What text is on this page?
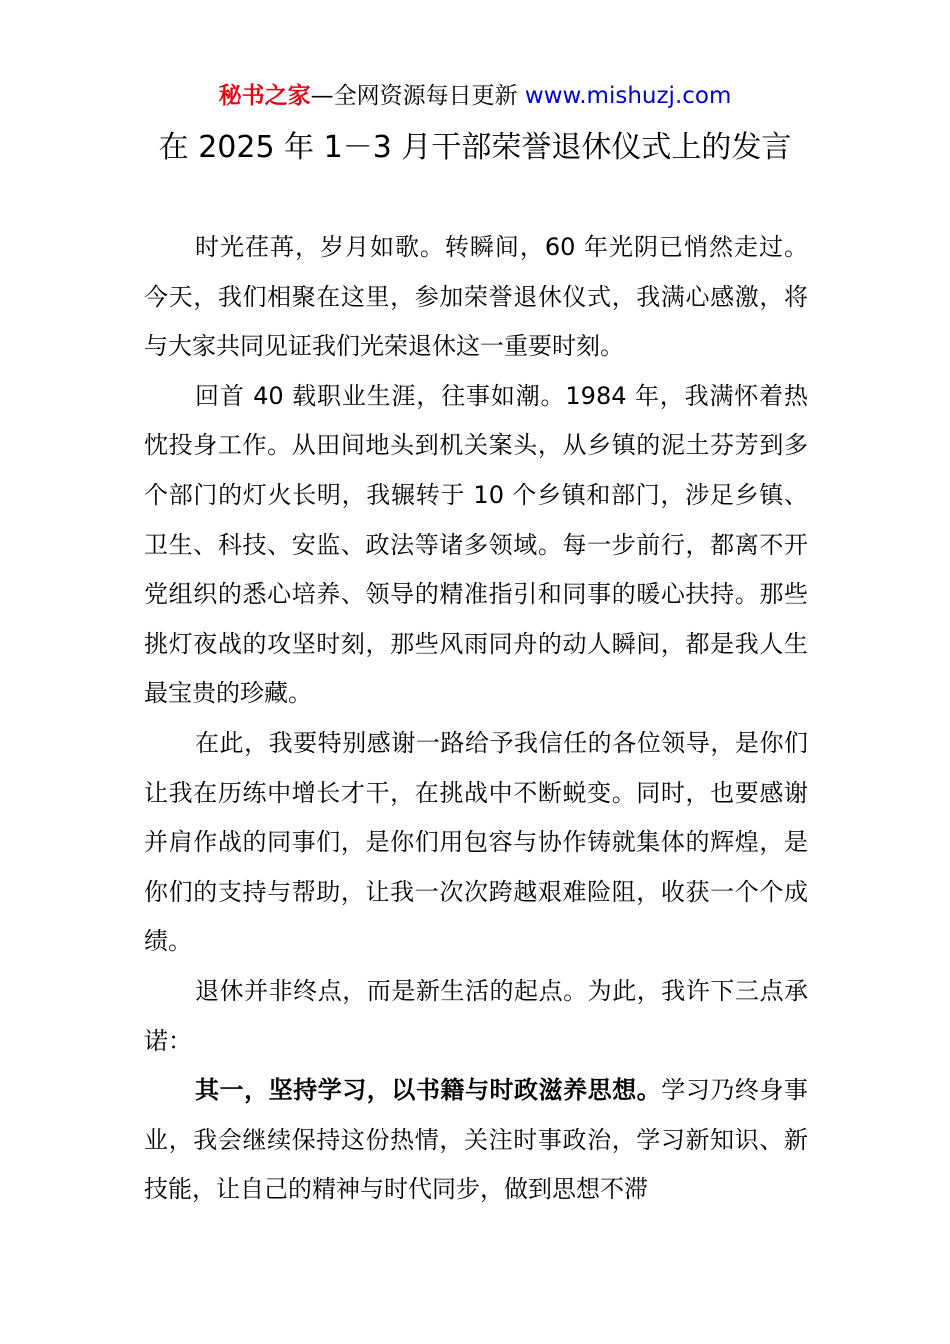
秘书之家—全网资源每日更新 www.mishuzj.com
在 2025 年 1－3 月干部荣誉退休仪式上的发言

时光荏苒，岁月如歌。转瞬间，60 年光阴已悄然走过。今天，我们相聚在这里，参加荣誉退休仪式，我满心感激，将与大家共同见证我们光荣退休这一重要时刻。

回首 40 载职业生涯，往事如潮。1984 年，我满怀着热忱投身工作。从田间地头到机关案头，从乡镇的泥土芬芳到多个部门的灯火长明，我辗转于 10 个乡镇和部门，涉足乡镇、卫生、科技、安监、政法等诸多领域。每一步前行，都离不开党组织的悉心培养、领导的精准指引和同事的暖心扶持。那些挑灯夜战的攻坚时刻，那些风雨同舟的动人瞬间，都是我人生最宝贵的珍藏。

在此，我要特别感谢一路给予我信任的各位领导，是你们让我在历练中增长才干，在挑战中不断蜕变。同时，也要感谢并肩作战的同事们，是你们用包容与协作铸就集体的辉煌，是你们的支持与帮助，让我一次次跨越艰难险阻，收获一个个成绩。

退休并非终点，而是新生活的起点。为此，我许下三点承诺：

其一，坚持学习，以书籍与时政滋养思想。学习乃终身事业，我会继续保持这份热情，关注时事政治，学习新知识、新技能，让自己的精神与时代同步，做到思想不滞
